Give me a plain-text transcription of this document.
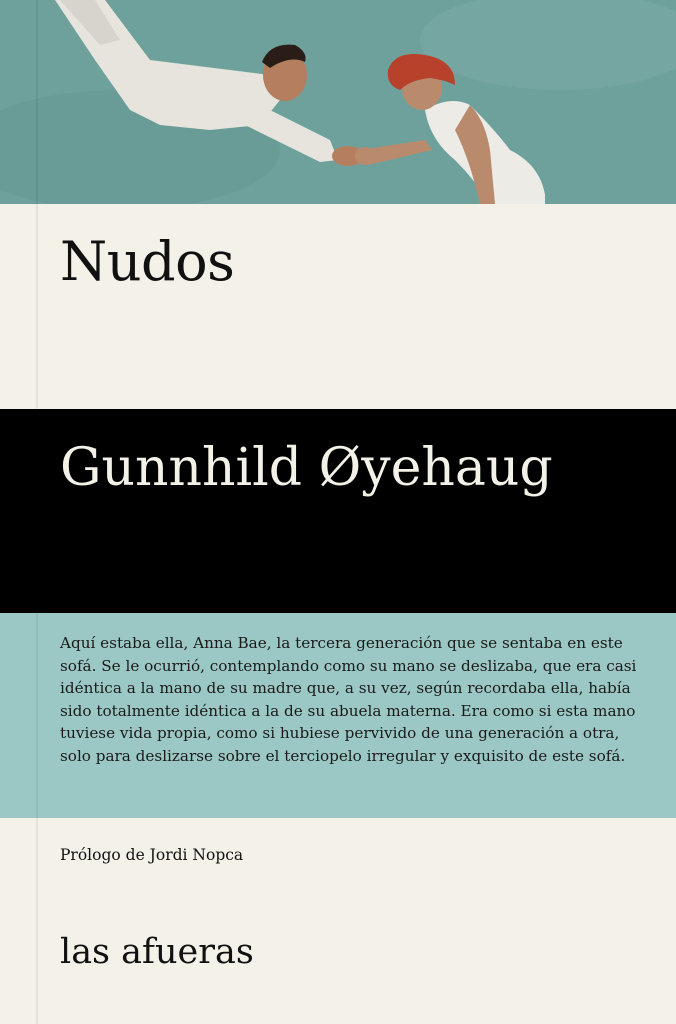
Nudos
Gunnhild Øyehaug
Aquí estaba ella, Anna Bae, la tercera generación que se sentaba en este sofá. Se le ocurrió, contemplando como su mano se deslizaba, que era casi idéntica a la mano de su madre que, a su vez, según recordaba ella, había sido totalmente idéntica a la de su abuela materna. Era como si esta mano tuviese vida propia, como si hubiese pervivido de una generación a otra, solo para deslizarse sobre el terciopelo irregular y exquisito de este sofá.
Prólogo de Jordi Nopca
las afueras
